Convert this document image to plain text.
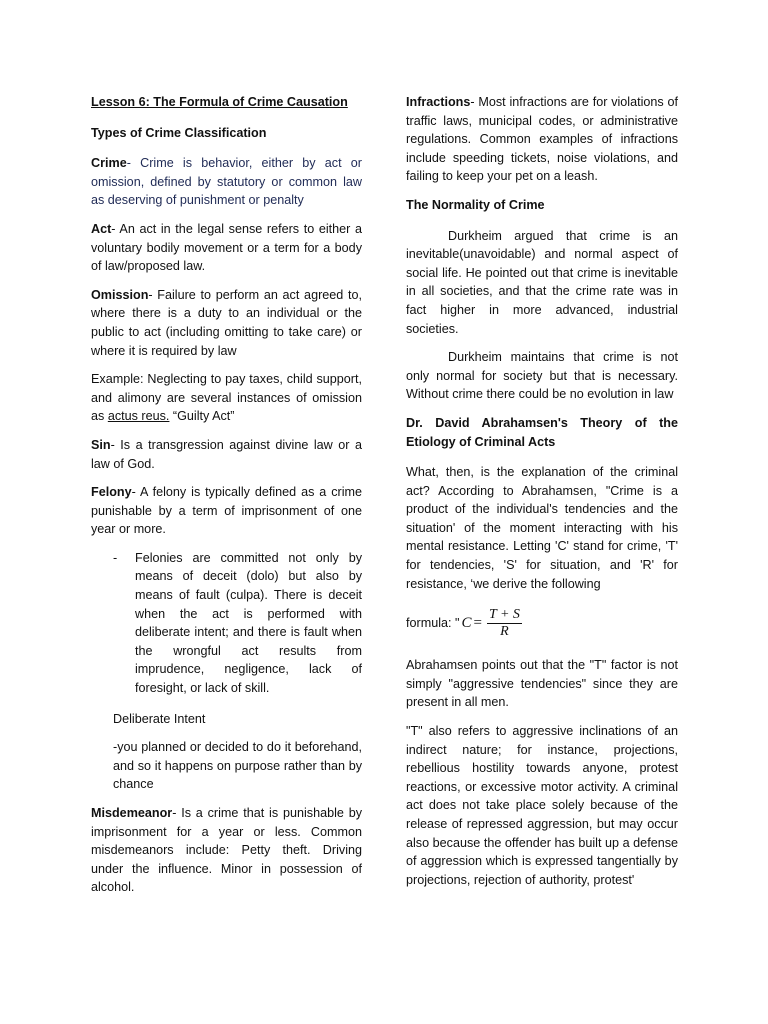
Lesson 6: The Formula of Crime Causation

Types of Crime Classification

Crime- Crime is behavior, either by act or omission, defined by statutory or common law as deserving of punishment or penalty

Act- An act in the legal sense refers to either a voluntary bodily movement or a term for a body of law/proposed law.

Omission- Failure to perform an act agreed to, where there is a duty to an individual or the public to act (including omitting to take care) or where it is required by law

Example: Neglecting to pay taxes, child support, and alimony are several instances of omission as actus reus. “Guilty Act”

Sin- Is a transgression against divine law or a law of God.

Felony- A felony is typically defined as a crime punishable by a term of imprisonment of one year or more.

-	Felonies are committed not only by means of deceit (dolo) but also by means of fault (culpa). There is deceit when the act is performed with deliberate intent; and there is fault when the wrongful act results from imprudence, negligence, lack of foresight, or lack of skill.

Deliberate Intent

-you planned or decided to do it beforehand, and so it happens on purpose rather than by chance

Misdemeanor- Is a crime that is punishable by imprisonment for a year or less. Common misdemeanors include: Petty theft. Driving under the influence. Minor in possession of alcohol.

Infractions- Most infractions are for violations of traffic laws, municipal codes, or administrative regulations. Common examples of infractions include speeding tickets, noise violations, and failing to keep your pet on a leash.

The Normality of Crime

Durkheim argued that crime is an inevitable(unavoidable) and normal aspect of social life. He pointed out that crime is inevitable in all societies, and that the crime rate was in fact higher in more advanced, industrial societies.

Durkheim maintains that crime is not only normal for society but that is necessary. Without crime there could be no evolution in law

Dr. David Abrahamsen's Theory of the Etiology of Criminal Acts

What, then, is the explanation of the criminal act? According to Abrahamsen, "Crime is a product of the individual's tendencies and the situation' of the moment interacting with his mental resistance. Letting 'C' stand for crime, 'T' for tendencies, 'S' for situation, and 'R' for resistance, ‘we derive the following

formula: " $C = \frac{T + S}{R}$

Abrahamsen points out that the "T" factor is not simply "aggressive tendencies" since they are present in all men.

"T" also refers to aggressive inclinations of an indirect nature; for instance, projections, rebellious hostility towards anyone, protest reactions, or excessive motor activity. A criminal act does not take place solely because of the release of repressed aggression, but may occur also because the offender has built up a defense of aggression which is expressed tangentially by projections, rejection of authority, protest'
